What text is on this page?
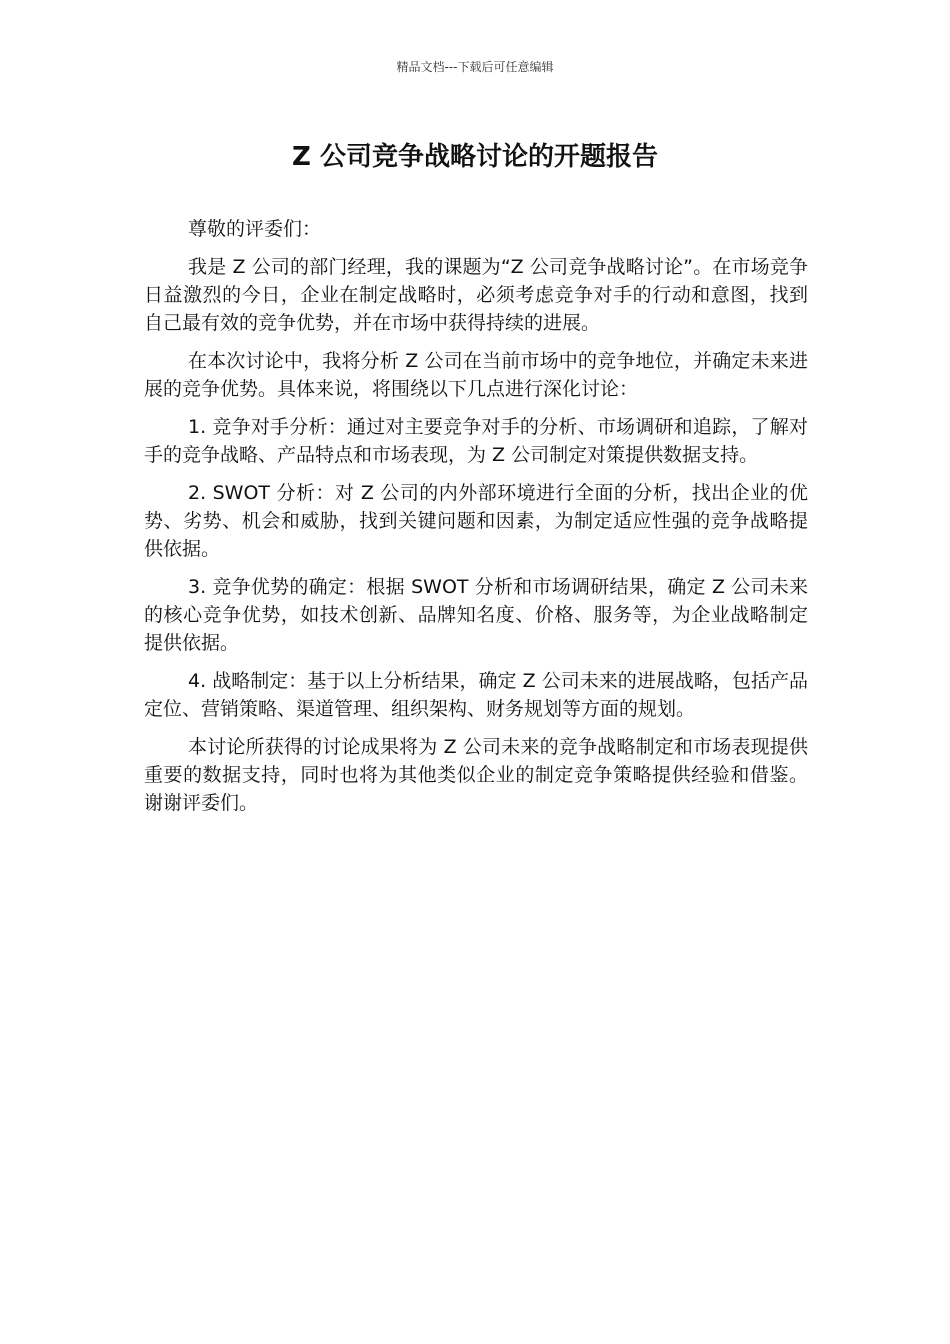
精品文档---下载后可任意编辑
Z 公司竞争战略讨论的开题报告

尊敬的评委们：

我是 Z 公司的部门经理，我的课题为“Z 公司竞争战略讨论”。在市场竞争日益激烈的今日，企业在制定战略时，必须考虑竞争对手的行动和意图，找到自己最有效的竞争优势，并在市场中获得持续的进展。

在本次讨论中，我将分析 Z 公司在当前市场中的竞争地位，并确定未来进展的竞争优势。具体来说，将围绕以下几点进行深化讨论：

1. 竞争对手分析：通过对主要竞争对手的分析、市场调研和追踪，了解对手的竞争战略、产品特点和市场表现，为 Z 公司制定对策提供数据支持。

2. SWOT 分析：对 Z 公司的内外部环境进行全面的分析，找出企业的优势、劣势、机会和威胁，找到关键问题和因素，为制定适应性强的竞争战略提供依据。

3. 竞争优势的确定：根据 SWOT 分析和市场调研结果，确定 Z 公司未来的核心竞争优势，如技术创新、品牌知名度、价格、服务等，为企业战略制定提供依据。

4. 战略制定：基于以上分析结果，确定 Z 公司未来的进展战略，包括产品定位、营销策略、渠道管理、组织架构、财务规划等方面的规划。

本讨论所获得的讨论成果将为 Z 公司未来的竞争战略制定和市场表现提供重要的数据支持，同时也将为其他类似企业的制定竞争策略提供经验和借鉴。谢谢评委们。
